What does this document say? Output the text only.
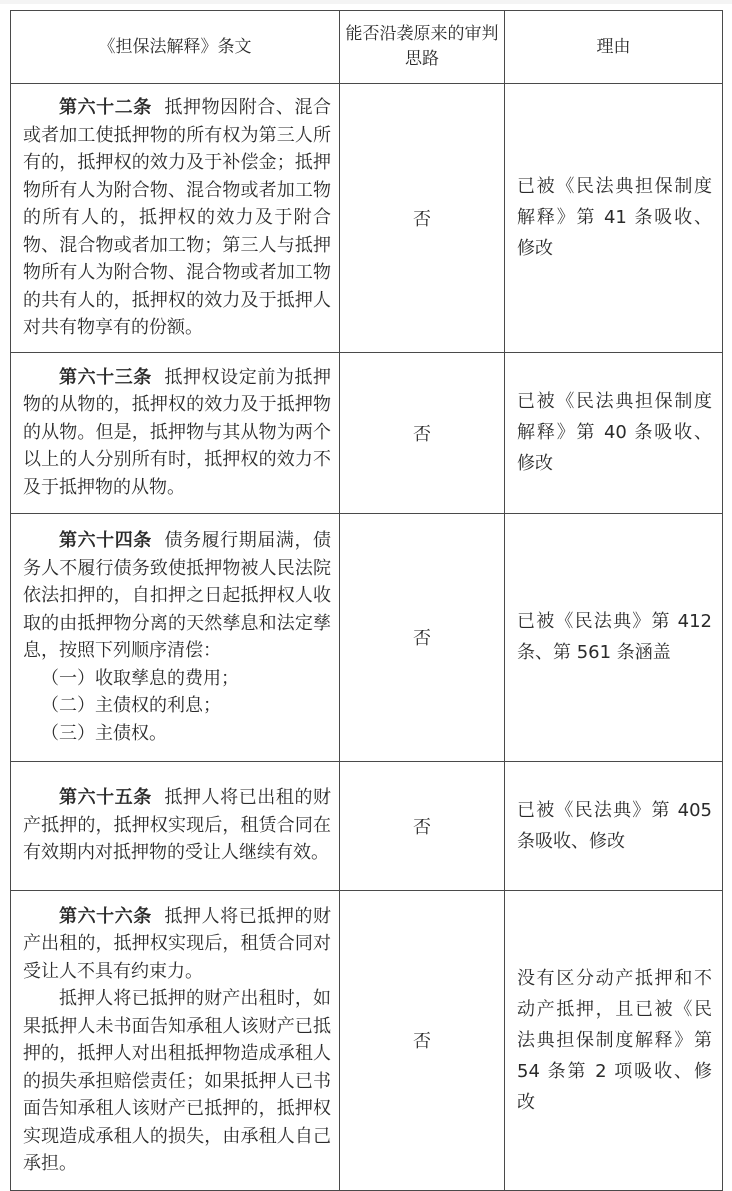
《担保法解释》条文	能否沿袭原来的审判思路	理由

第六十二条 抵押物因附合、混合或者加工使抵押物的所有权为第三人所有的，抵押权的效力及于补偿金；抵押物所有人为附合物、混合物或者加工物的所有人的，抵押权的效力及于附合物、混合物或者加工物；第三人与抵押物所有人为附合物、混合物或者加工物的共有人的，抵押权的效力及于抵押人对共有物享有的份额。	否	已被《民法典担保制度解释》第 41 条吸收、修改

第六十三条 抵押权设定前为抵押物的从物的，抵押权的效力及于抵押物的从物。但是，抵押物与其从物为两个以上的人分别所有时，抵押权的效力不及于抵押物的从物。	否	已被《民法典担保制度解释》第 40 条吸收、修改

第六十四条 债务履行期届满，债务人不履行债务致使抵押物被人民法院依法扣押的，自扣押之日起抵押权人收取的由抵押物分离的天然孳息和法定孳息，按照下列顺序清偿：

（一）收取孳息的费用；

（二）主债权的利息；

（三）主债权。	否	已被《民法典》第 412 条、第 561 条涵盖

第六十五条 抵押人将已出租的财产抵押的，抵押权实现后，租赁合同在有效期内对抵押物的受让人继续有效。	否	已被《民法典》第 405 条吸收、修改

第六十六条 抵押人将已抵押的财产出租的，抵押权实现后，租赁合同对受让人不具有约束力。

抵押人将已抵押的财产出租时，如果抵押人未书面告知承租人该财产已抵押的，抵押人对出租抵押物造成承租人的损失承担赔偿责任；如果抵押人已书面告知承租人该财产已抵押的，抵押权实现造成承租人的损失，由承租人自己承担。	否	没有区分动产抵押和不动产抵押，且已被《民法典担保制度解释》第 54 条第 2 项吸收、修改
